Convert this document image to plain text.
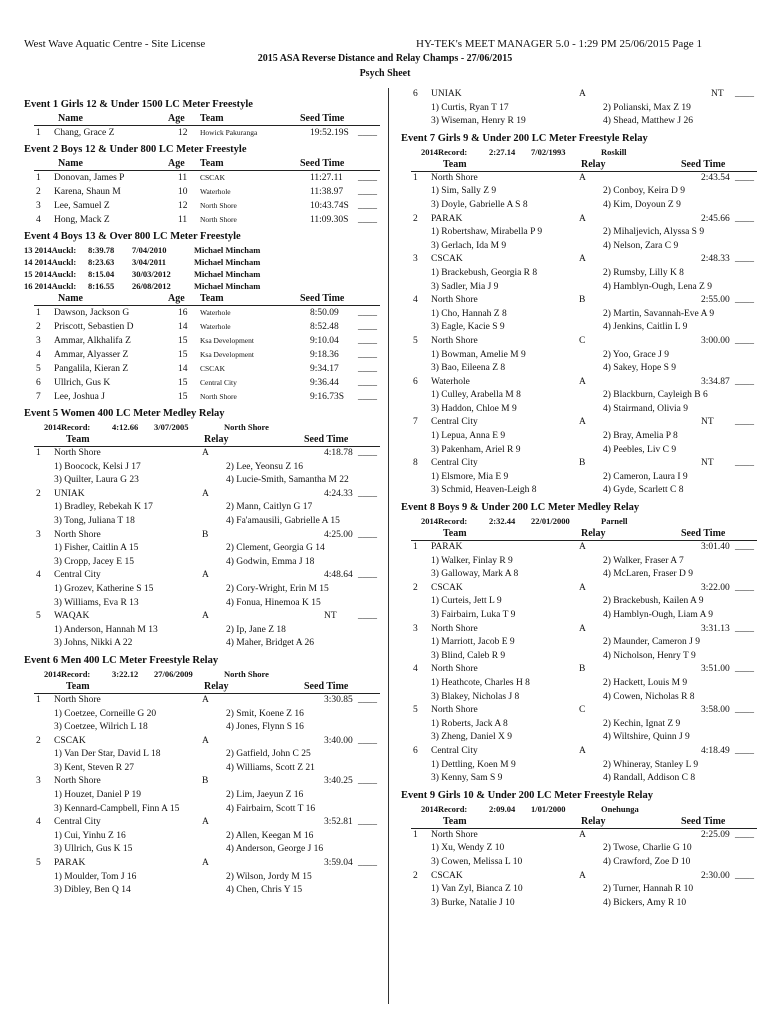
West Wave Aquatic Centre - Site License	HY-TEK's MEET MANAGER 5.0 - 1:29 PM 25/06/2015 Page 1
2015 ASA Reverse Distance and Relay Champs - 27/06/2015
Psych Sheet
Event 1 Girls 12 & Under 1500 LC Meter Freestyle
Name	Age Team	Seed Time
1 Chang, Grace Z	12 Howick Pakuranga	19:52.19S ____
Event 2 Boys 12 & Under 800 LC Meter Freestyle
Name	Age Team	Seed Time
1 Donovan, James P	11 CSCAK	11:27.11 ____
2 Karena, Shaun M	10 Waterhole	11:38.97 ____
3 Lee, Samuel Z	12 North Shore	10:43.74S ____
4 Hong, Mack Z	11 North Shore	11:09.30S ____
Event 4 Boys 13 & Over 800 LC Meter Freestyle
13 2014Auckl: 8:39.78 7/04/2010	Michael Mincham
14 2014Auckl: 8:23.63 3/04/2011	Michael Mincham
15 2014Auckl: 8:15.04 30/03/2012	Michael Mincham
16 2014Auckl: 8:16.55 26/08/2012	Michael Mincham
Name	Age Team	Seed Time
1 Dawson, Jackson G	16 Waterhole	8:50.09 ____
2 Priscott, Sebastien D	14 Waterhole	8:52.48 ____
3 Ammar, Alkhalifa Z	15 Ksa Development	9:10.04 ____
4 Ammar, Alyasser Z	15 Ksa Development	9:18.36 ____
5 Pangalila, Kieran Z	14 CSCAK	9:34.17 ____
6 Ullrich, Gus K	15 Central City	9:36.44 ____
7 Lee, Joshua J	15 North Shore	9:16.73S ____
Event 5 Women 400 LC Meter Medley Relay
2014Record:	4:12.66 3/07/2005	North Shore
Team	Relay	Seed Time
1 North Shore	A	4:18.78 ____
1) Boocock, Kelsi J 17	2) Lee, Yeonsu Z 16
3) Quilter, Laura G 23	4) Lucie-Smith, Samantha M 22
2 UNIAK	A	4:24.33 ____
1) Bradley, Rebekah K 17	2) Mann, Caitlyn G 17
3) Tong, Juliana T 18	4) Fa'amausili, Gabrielle A 15
3 North Shore	B	4:25.00 ____
1) Fisher, Caitlin A 15	2) Clement, Georgia G 14
3) Cropp, Jacey E 15	4) Godwin, Emma J 18
4 Central City	A	4:48.64 ____
1) Grozev, Katherine S 15	2) Cory-Wright, Erin M 15
3) Williams, Eva R 13	4) Fonua, Hinemoa K 15
5 WAQAK	A	NT ____
1) Anderson, Hannah M 13	2) Ip, Jane Z 18
3) Johns, Nikki A 22	4) Maher, Bridget A 26
Event 6 Men 400 LC Meter Freestyle Relay
2014Record:	3:22.12 27/06/2009	North Shore
Team	Relay	Seed Time
1 North Shore	A	3:30.85 ____
1) Coetzee, Corneille G 20	2) Smit, Koene Z 16
3) Coetzee, Wilrich L 18	4) Jones, Flynn S 16
2 CSCAK	A	3:40.00 ____
1) Van Der Star, David L 18	2) Gatfield, John C 25
3) Kent, Steven R 27	4) Williams, Scott Z 21
3 North Shore	B	3:40.25 ____
1) Houzet, Daniel P 19	2) Lim, Jaeyun Z 16
3) Kennard-Campbell, Finn A 15	4) Fairbairn, Scott T 16
4 Central City	A	3:52.81 ____
1) Cui, Yinhu Z 16	2) Allen, Keegan M 16
3) Ullrich, Gus K 15	4) Anderson, George J 16
5 PARAK	A	3:59.04 ____
1) Moulder, Tom J 16	2) Wilson, Jordy M 15
3) Dibley, Ben Q 14	4) Chen, Chris Y 15
6 UNIAK	A	NT ____
1) Curtis, Ryan T 17	2) Polianski, Max Z 19
3) Wiseman, Henry R 19	4) Shead, Matthew J 26
Event 7 Girls 9 & Under 200 LC Meter Freestyle Relay
2014Record:	2:27.14 7/02/1993	Roskill
Team	Relay	Seed Time
1 North Shore	A	2:43.54 ____
1) Sim, Sally Z 9	2) Conboy, Keira D 9
3) Doyle, Gabrielle A S 8	4) Kim, Doyoun Z 9
2 PARAK	A	2:45.66 ____
1) Robertshaw, Mirabella P 9	2) Mihaljevich, Alyssa S 9
3) Gerlach, Ida M 9	4) Nelson, Zara C 9
3 CSCAK	A	2:48.33 ____
1) Brackebush, Georgia R 8	2) Rumsby, Lilly K 8
3) Sadler, Mia J 9	4) Hamblyn-Ough, Lena Z 9
4 North Shore	B	2:55.00 ____
1) Cho, Hannah Z 8	2) Martin, Savannah-Eve A 9
3) Eagle, Kacie S 9	4) Jenkins, Caitlin L 9
5 North Shore	C	3:00.00 ____
1) Bowman, Amelie M 9	2) Yoo, Grace J 9
3) Bao, Eileena Z 8	4) Sakey, Hope S 9
6 Waterhole	A	3:34.87 ____
1) Culley, Arabella M 8	2) Blackburn, Cayleigh B 6
3) Haddon, Chloe M 9	4) Stairmand, Olivia 9
7 Central City	A	NT ____
1) Lepua, Anna E 9	2) Bray, Amelia P 8
3) Pakenham, Ariel R 9	4) Peebles, Liv C 9
8 Central City	B	NT ____
1) Elsmore, Mia E 9	2) Cameron, Laura I 9
3) Schmid, Heaven-Leigh 8	4) Gyde, Scarlett C 8
Event 8 Boys 9 & Under 200 LC Meter Medley Relay
2014Record:	2:32.44 22/01/2000	Parnell
Team	Relay	Seed Time
1 PARAK	A	3:01.40 ____
1) Walker, Finlay R 9	2) Walker, Fraser A 7
3) Galloway, Mark A 8	4) McLaren, Fraser D 9
2 CSCAK	A	3:22.00 ____
1) Curteis, Jett L 9	2) Brackebush, Kailen A 9
3) Fairbairn, Luka T 9	4) Hamblyn-Ough, Liam A 9
3 North Shore	A	3:31.13 ____
1) Marriott, Jacob E 9	2) Maunder, Cameron J 9
3) Blind, Caleb R 9	4) Nicholson, Henry T 9
4 North Shore	B	3:51.00 ____
1) Heathcote, Charles H 8	2) Hackett, Louis M 9
3) Blakey, Nicholas J 8	4) Cowen, Nicholas R 8
5 North Shore	C	3:58.00 ____
1) Roberts, Jack A 8	2) Kechin, Ignat Z 9
3) Zheng, Daniel X 9	4) Wiltshire, Quinn J 9
6 Central City	A	4:18.49 ____
1) Dettling, Koen M 9	2) Whineray, Stanley L 9
3) Kenny, Sam S 9	4) Randall, Addison C 8
Event 9 Girls 10 & Under 200 LC Meter Freestyle Relay
2014Record:	2:09.04 1/01/2000	Onehunga
Team	Relay	Seed Time
1 North Shore	A	2:25.09 ____
1) Xu, Wendy Z 10	2) Twose, Charlie G 10
3) Cowen, Melissa L 10	4) Crawford, Zoe D 10
2 CSCAK	A	2:30.00 ____
1) Van Zyl, Bianca Z 10	2) Turner, Hannah R 10
3) Burke, Natalie J 10	4) Bickers, Amy R 10
